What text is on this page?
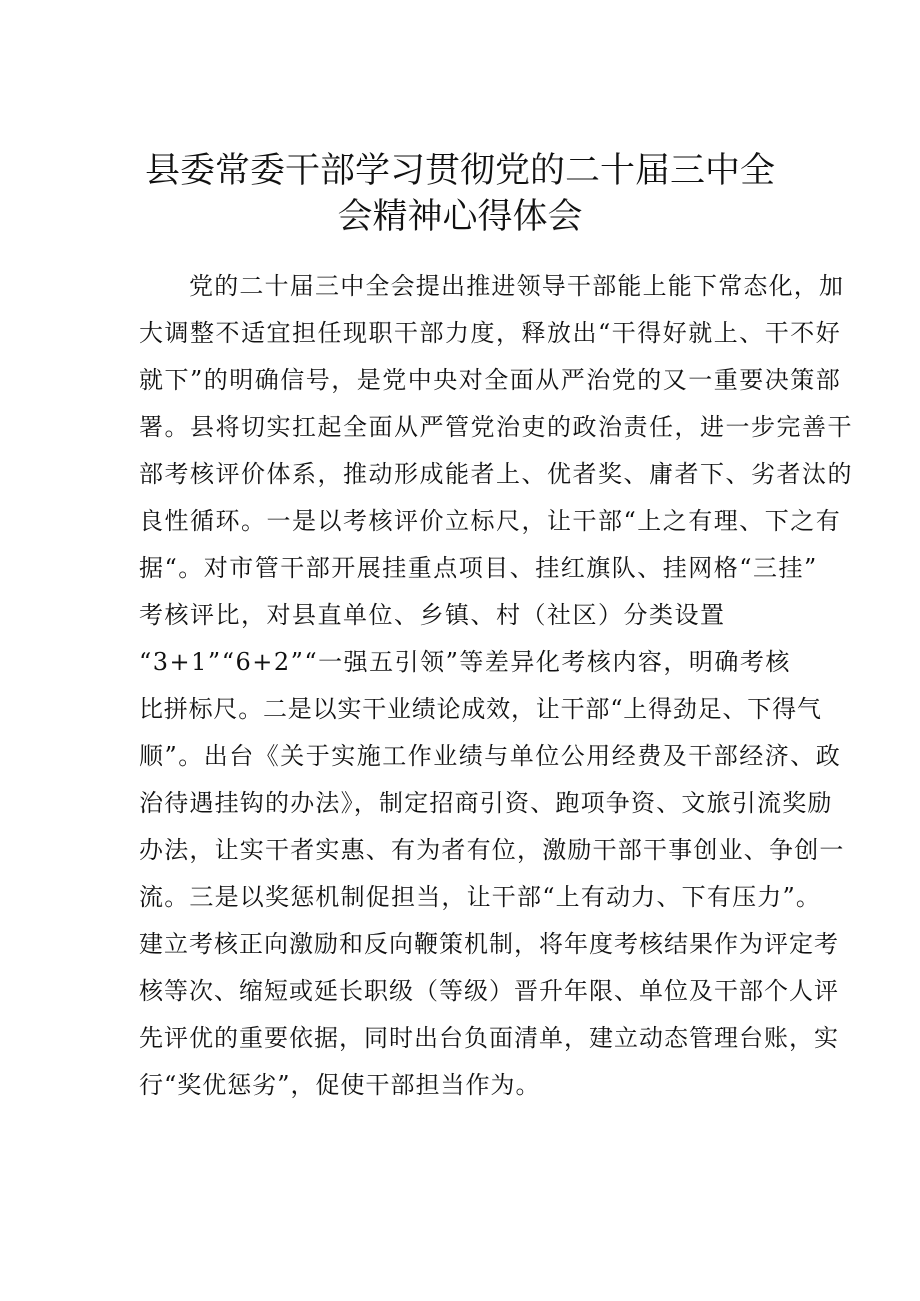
县委常委干部学习贯彻党的二十届三中全
会精神心得体会
党的二十届三中全会提出推进领导干部能上能下常态化，加
大调整不适宜担任现职干部力度，释放出“干得好就上、干不好
就下”的明确信号，是党中央对全面从严治党的又一重要决策部
署。县将切实扛起全面从严管党治吏的政治责任，进一步完善干
部考核评价体系，推动形成能者上、优者奖、庸者下、劣者汰的
良性循环。一是以考核评价立标尺，让干部“上之有理、下之有
据“。对市管干部开展挂重点项目、挂红旗队、挂网格“三挂”
考核评比，对县直单位、乡镇、村（社区）分类设置
“3+1”“6+2”“一强五引领”等差异化考核内容，明确考核
比拼标尺。二是以实干业绩论成效，让干部“上得劲足、下得气
顺”。出台《关于实施工作业绩与单位公用经费及干部经济、政
治待遇挂钩的办法》，制定招商引资、跑项争资、文旅引流奖励
办法，让实干者实惠、有为者有位，激励干部干事创业、争创一
流。三是以奖惩机制促担当，让干部“上有动力、下有压力”。
建立考核正向激励和反向鞭策机制，将年度考核结果作为评定考
核等次、缩短或延长职级（等级）晋升年限、单位及干部个人评
先评优的重要依据，同时出台负面清单，建立动态管理台账，实
行“奖优惩劣”，促使干部担当作为。
